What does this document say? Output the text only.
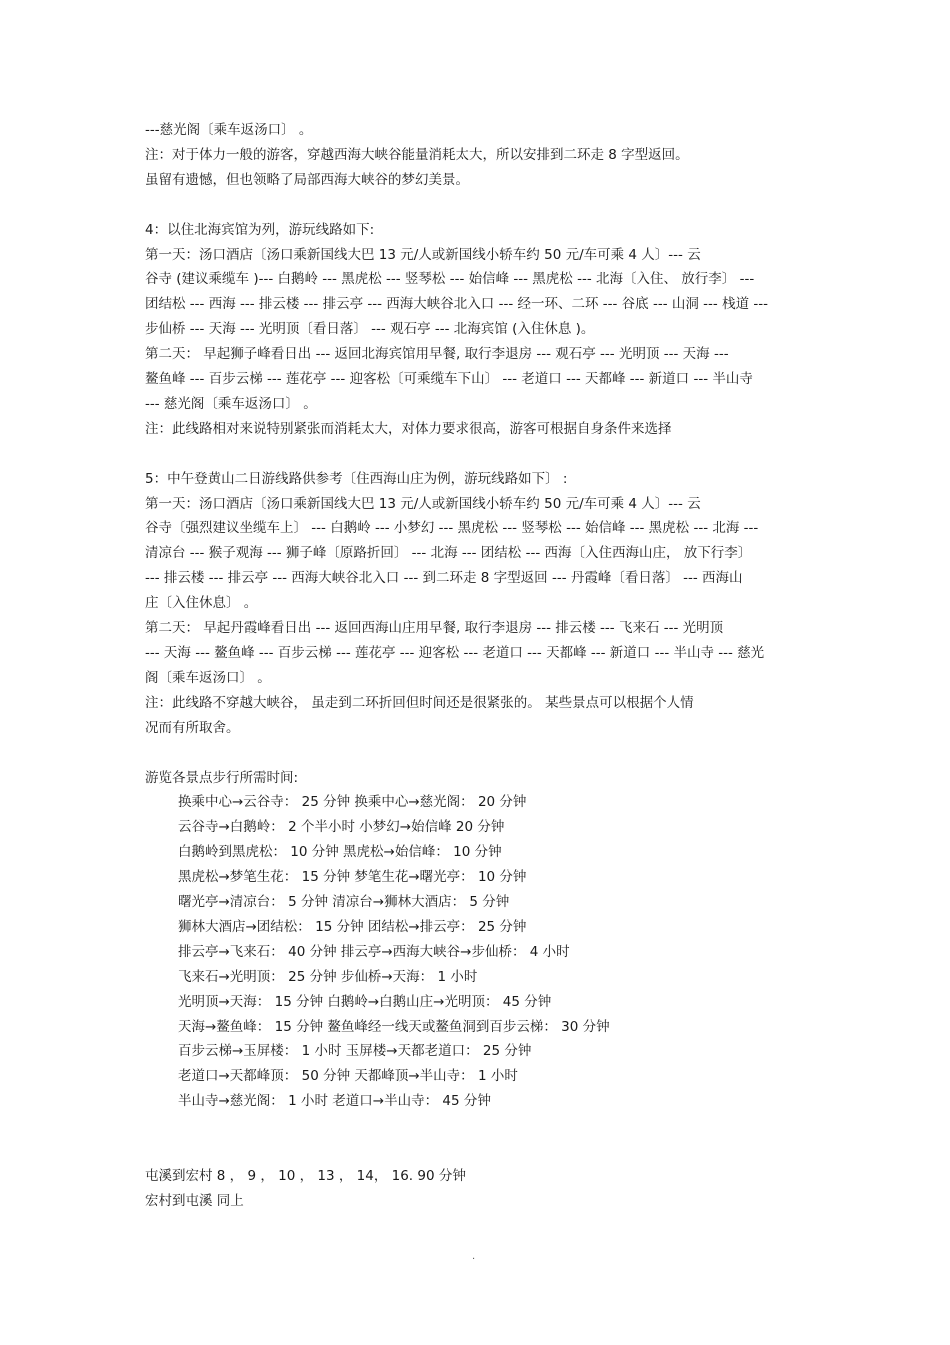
---慈光阁〔乘车返汤口〕 。

注：对于体力一般的游客，穿越西海大峡谷能量消耗太大，所以安排到二环走 8 字型返回。

虽留有遗憾，但也领略了局部西海大峡谷的梦幻美景。

4：以住北海宾馆为列，游玩线路如下:

第一天：汤口酒店〔汤口乘新国线大巴 13 元/人或新国线小轿车约 50 元/车可乘 4 人〕--- 云

谷寺 (建议乘缆车 )--- 白鹅岭 --- 黑虎松 --- 竖琴松 --- 始信峰 --- 黑虎松 --- 北海〔入住、 放行李〕 ---

团结松 --- 西海 --- 排云楼 --- 排云亭 --- 西海大峡谷北入口 --- 经一环、二环 --- 谷底 --- 山洞 --- 栈道 ---

步仙桥 --- 天海 --- 光明顶〔看日落〕 --- 观石亭 --- 北海宾馆 (入住休息 )。

第二天： 早起狮子峰看日出 --- 返回北海宾馆用早餐, 取行李退房 --- 观石亭 --- 光明顶 --- 天海 ---

鳌鱼峰 --- 百步云梯 --- 莲花亭 --- 迎客松〔可乘缆车下山〕 --- 老道口 --- 天都峰 --- 新道口 --- 半山寺

--- 慈光阁〔乘车返汤口〕 。

注：此线路相对来说特别紧张而消耗太大，对体力要求很高，游客可根据自身条件来选择

5：中午登黄山二日游线路供参考〔住西海山庄为例，游玩线路如下〕 :

第一天：汤口酒店〔汤口乘新国线大巴 13 元/人或新国线小轿车约 50 元/车可乘 4 人〕--- 云

谷寺〔强烈建议坐缆车上〕 --- 白鹅岭 --- 小梦幻 --- 黑虎松 --- 竖琴松 --- 始信峰 --- 黑虎松 --- 北海 ---

清凉台 --- 猴子观海 --- 狮子峰〔原路折回〕 --- 北海 --- 团结松 --- 西海〔入住西海山庄， 放下行李〕

--- 排云楼 --- 排云亭 --- 西海大峡谷北入口 --- 到二环走 8 字型返回 --- 丹霞峰〔看日落〕 --- 西海山

庄〔入住休息〕 。

第二天： 早起丹霞峰看日出 --- 返回西海山庄用早餐, 取行李退房 --- 排云楼 --- 飞来石 --- 光明顶

--- 天海 --- 鳌鱼峰 --- 百步云梯 --- 莲花亭 --- 迎客松 --- 老道口 --- 天都峰 --- 新道口 --- 半山寺 --- 慈光

阁〔乘车返汤口〕 。

注：此线路不穿越大峡谷， 虽走到二环折回但时间还是很紧张的。 某些景点可以根据个人情

况而有所取舍。

游览各景点步行所需时间:

换乘中心→云谷寺： 25 分钟 换乘中心→慈光阁： 20 分钟

云谷寺→白鹅岭： 2 个半小时 小梦幻→始信峰 20 分钟

白鹅岭到黑虎松： 10 分钟 黑虎松→始信峰： 10 分钟

黑虎松→梦笔生花： 15 分钟 梦笔生花→曙光亭： 10 分钟

曙光亭→清凉台： 5 分钟 清凉台→狮林大酒店： 5 分钟

狮林大酒店→团结松： 15 分钟 团结松→排云亭： 25 分钟

排云亭→飞来石： 40 分钟 排云亭→西海大峡谷→步仙桥： 4 小时

飞来石→光明顶： 25 分钟 步仙桥→天海： 1 小时

光明顶→天海： 15 分钟 白鹅岭→白鹅山庄→光明顶： 45 分钟

天海→鳌鱼峰： 15 分钟 鳌鱼峰经一线天或鳌鱼洞到百步云梯： 30 分钟

百步云梯→玉屏楼： 1 小时 玉屏楼→天都老道口： 25 分钟

老道口→天都峰顶： 50 分钟 天都峰顶→半山寺： 1 小时

半山寺→慈光阁： 1 小时 老道口→半山寺： 45 分钟

屯溪到宏村 8 ， 9 ， 10 ， 13 ， 14， 16. 90 分钟

宏村到屯溪 同上

.
